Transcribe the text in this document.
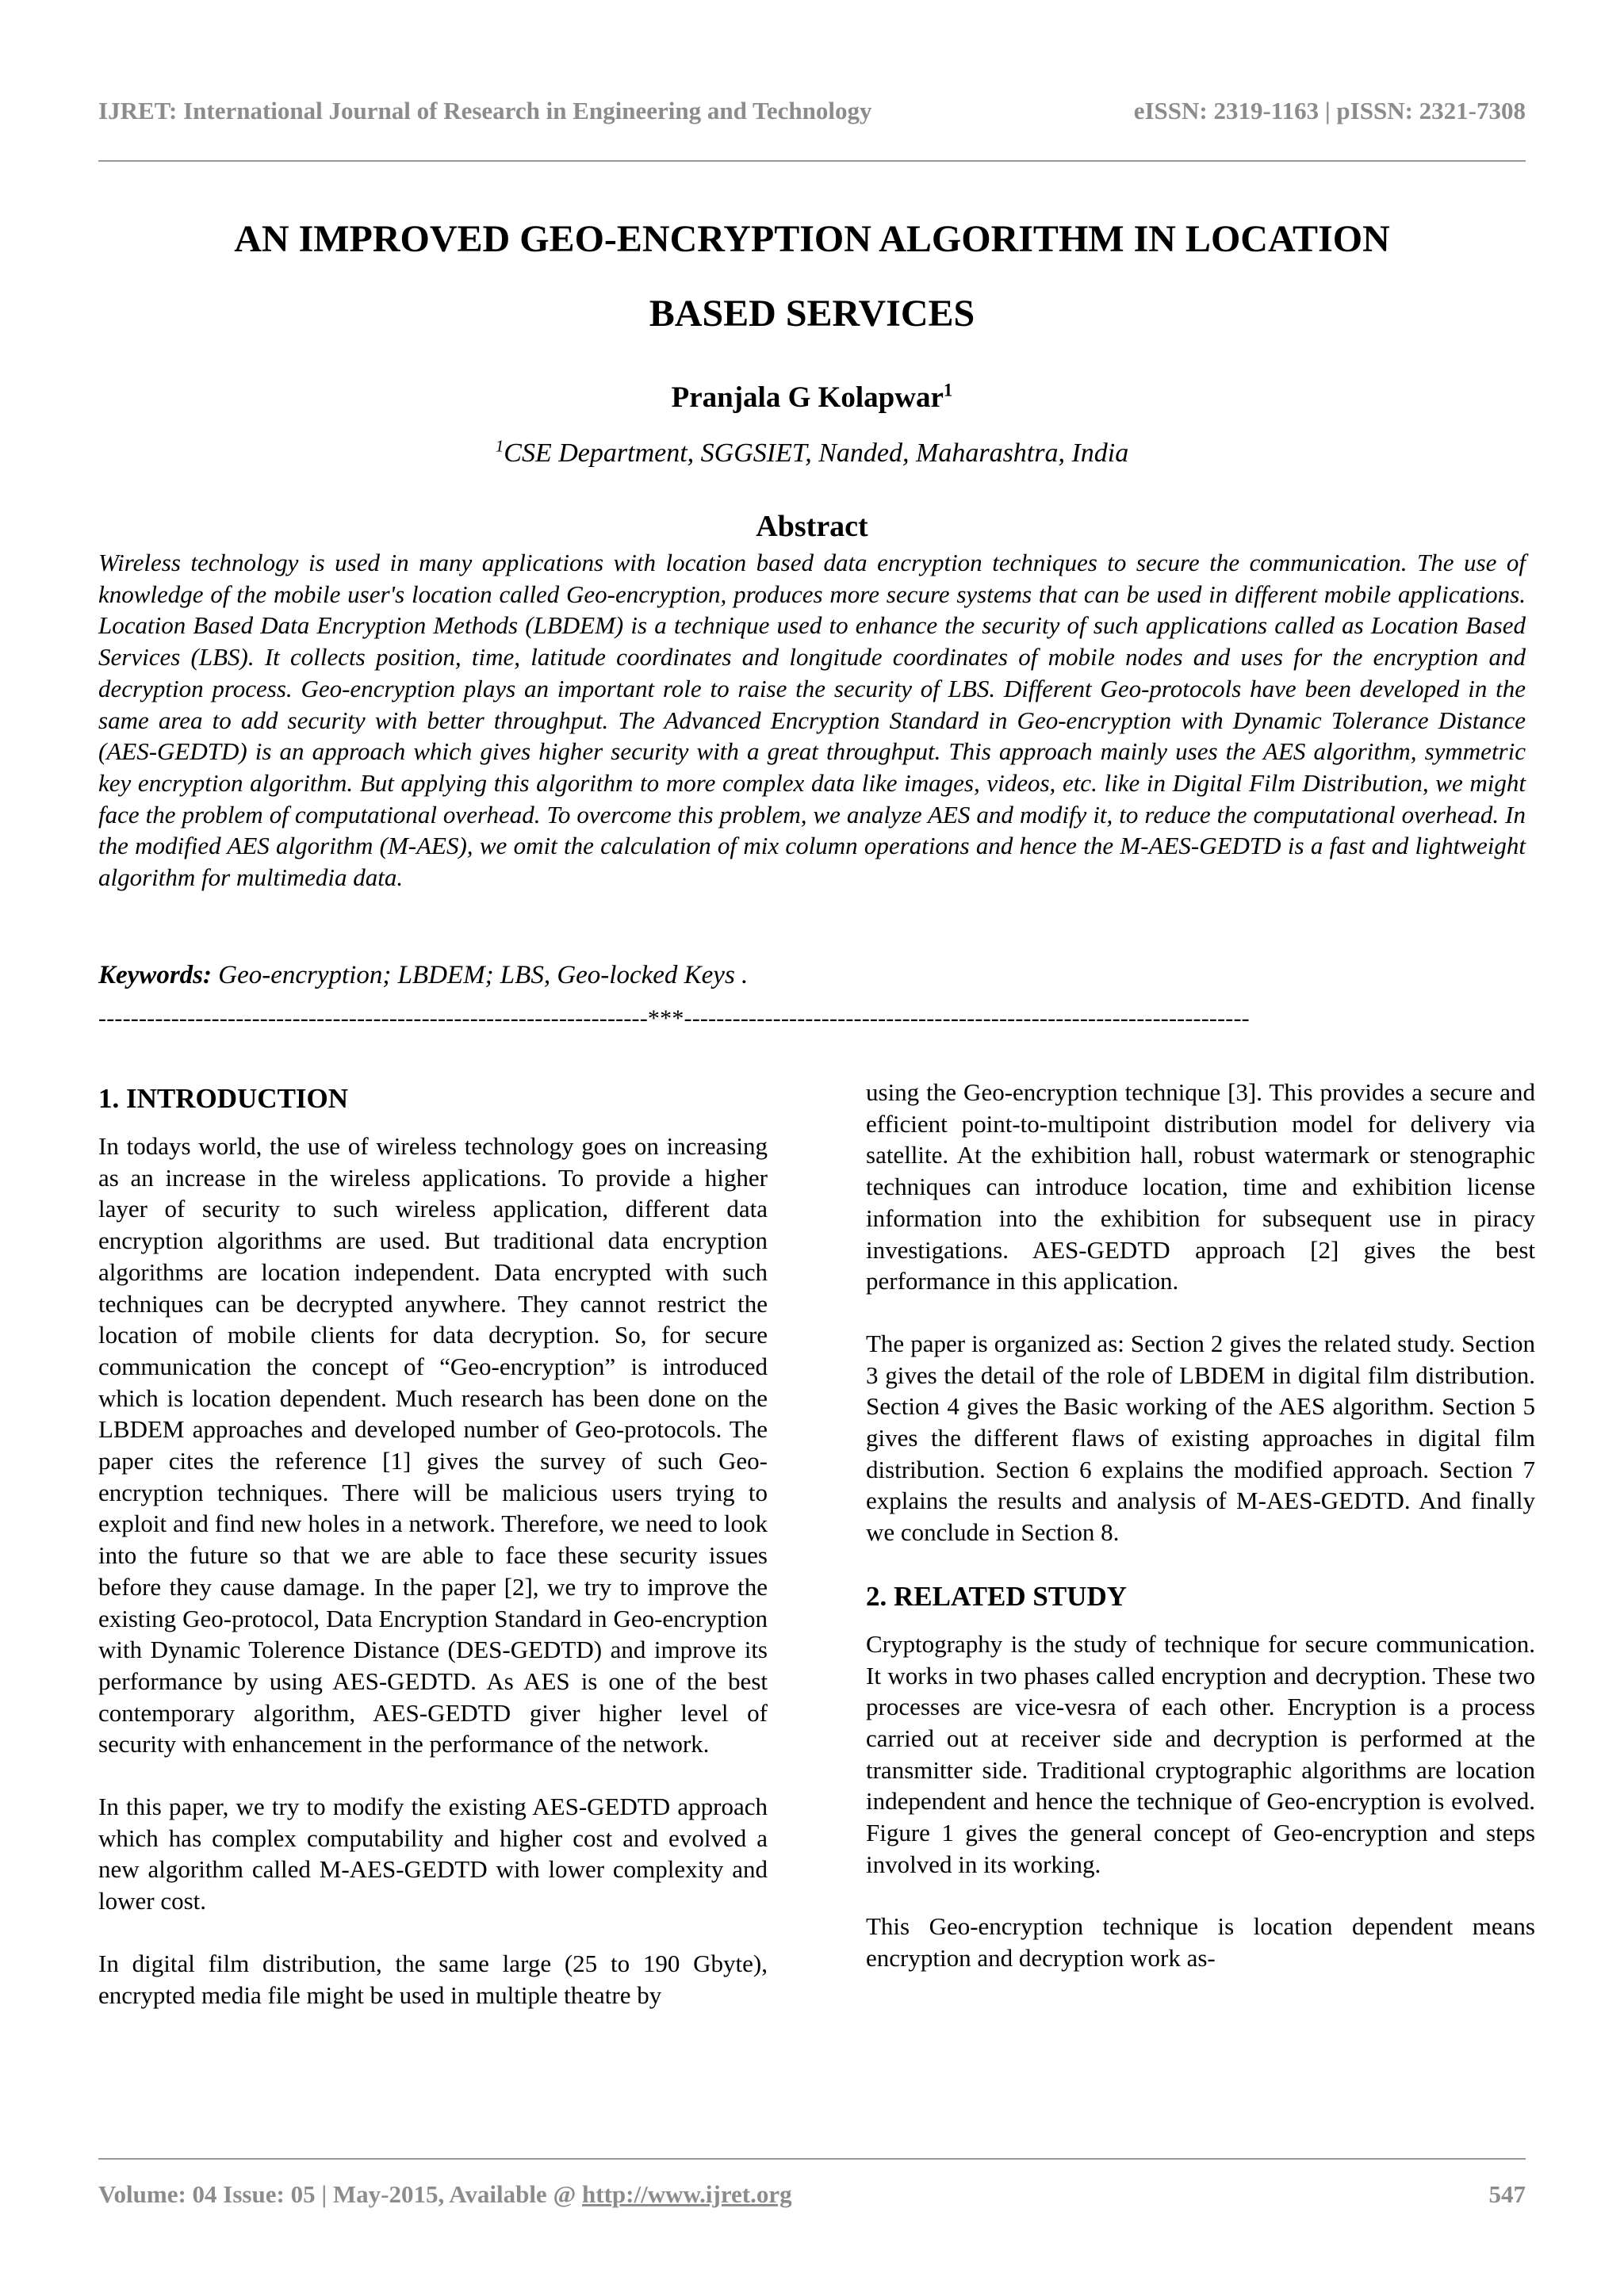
IJRET: International Journal of Research in Engineering and Technology	eISSN: 2319-1163 | pISSN: 2321-7308
AN IMPROVED GEO-ENCRYPTION ALGORITHM IN LOCATION
BASED SERVICES
Pranjala G Kolapwar$^1$
$^1$CSE Department, SGGSIET, Nanded, Maharashtra, India
Abstract
Wireless technology is used in many applications with location based data encryption techniques to secure the communication. The use of knowledge of the mobile user's location called Geo-encryption, produces more secure systems that can be used in different mobile applications. Location Based Data Encryption Methods (LBDEM) is a technique used to enhance the security of such applications called as Location Based Services (LBS). It collects position, time, latitude coordinates and longitude coordinates of mobile nodes and uses for the encryption and decryption process. Geo-encryption plays an important role to raise the security of LBS. Different Geo-protocols have been developed in the same area to add security with better throughput. The Advanced Encryption Standard in Geo-encryption with Dynamic Tolerance Distance (AES-GEDTD) is an approach which gives higher security with a great throughput. This approach mainly uses the AES algorithm, symmetric key encryption algorithm. But applying this algorithm to more complex data like images, videos, etc. like in Digital Film Distribution, we might face the problem of computational overhead. To overcome this problem, we analyze AES and modify it, to reduce the computational overhead. In the modified AES algorithm (M-AES), we omit the calculation of mix column operations and hence the M-AES-GEDTD is a fast and lightweight algorithm for multimedia data.
Keywords: Geo-encryption; LBDEM; LBS, Geo-locked Keys .
--------------------------------------------------------------------***----------------------------------------------------------------------
1. INTRODUCTION

In todays world, the use of wireless technology goes on increasing as an increase in the wireless applications. To provide a higher layer of security to such wireless application, different data encryption algorithms are used. But traditional data encryption algorithms are location independent. Data encrypted with such techniques can be decrypted anywhere. They cannot restrict the location of mobile clients for data decryption. So, for secure communication the concept of “Geo-encryption” is introduced which is location dependent. Much research has been done on the LBDEM approaches and developed number of Geo-protocols. The paper cites the reference [1] gives the survey of such Geo-encryption techniques. There will be malicious users trying to exploit and find new holes in a network. Therefore, we need to look into the future so that we are able to face these security issues before they cause damage. In the paper [2], we try to improve the existing Geo-protocol, Data Encryption Standard in Geo-encryption with Dynamic Tolerence Distance (DES-GEDTD) and improve its performance by using AES-GEDTD. As AES is one of the best contemporary algorithm, AES-GEDTD giver higher level of security with enhancement in the performance of the network.

In this paper, we try to modify the existing AES-GEDTD approach which has complex computability and higher cost and evolved a new algorithm called M-AES-GEDTD with lower complexity and lower cost.

In digital film distribution, the same large (25 to 190 Gbyte), encrypted media file might be used in multiple theatre by

using the Geo-encryption technique [3]. This provides a secure and efficient point-to-multipoint distribution model for delivery via satellite. At the exhibition hall, robust watermark or stenographic techniques can introduce location, time and exhibition license information into the exhibition for subsequent use in piracy investigations. AES-GEDTD approach [2] gives the best performance in this application.

The paper is organized as: Section 2 gives the related study. Section 3 gives the detail of the role of LBDEM in digital film distribution. Section 4 gives the Basic working of the AES algorithm. Section 5 gives the different flaws of existing approaches in digital film distribution. Section 6 explains the modified approach. Section 7 explains the results and analysis of M-AES-GEDTD. And finally we conclude in Section 8.

2. RELATED STUDY

Cryptography is the study of technique for secure communication. It works in two phases called encryption and decryption. These two processes are vice-vesra of each other. Encryption is a process carried out at receiver side and decryption is performed at the transmitter side. Traditional cryptographic algorithms are location independent and hence the technique of Geo-encryption is evolved. Figure 1 gives the general concept of Geo-encryption and steps involved in its working.

This Geo-encryption technique is location dependent means encryption and decryption work as-

Volume: 04 Issue: 05 | May-2015, Available @ http://www.ijret.org	547
